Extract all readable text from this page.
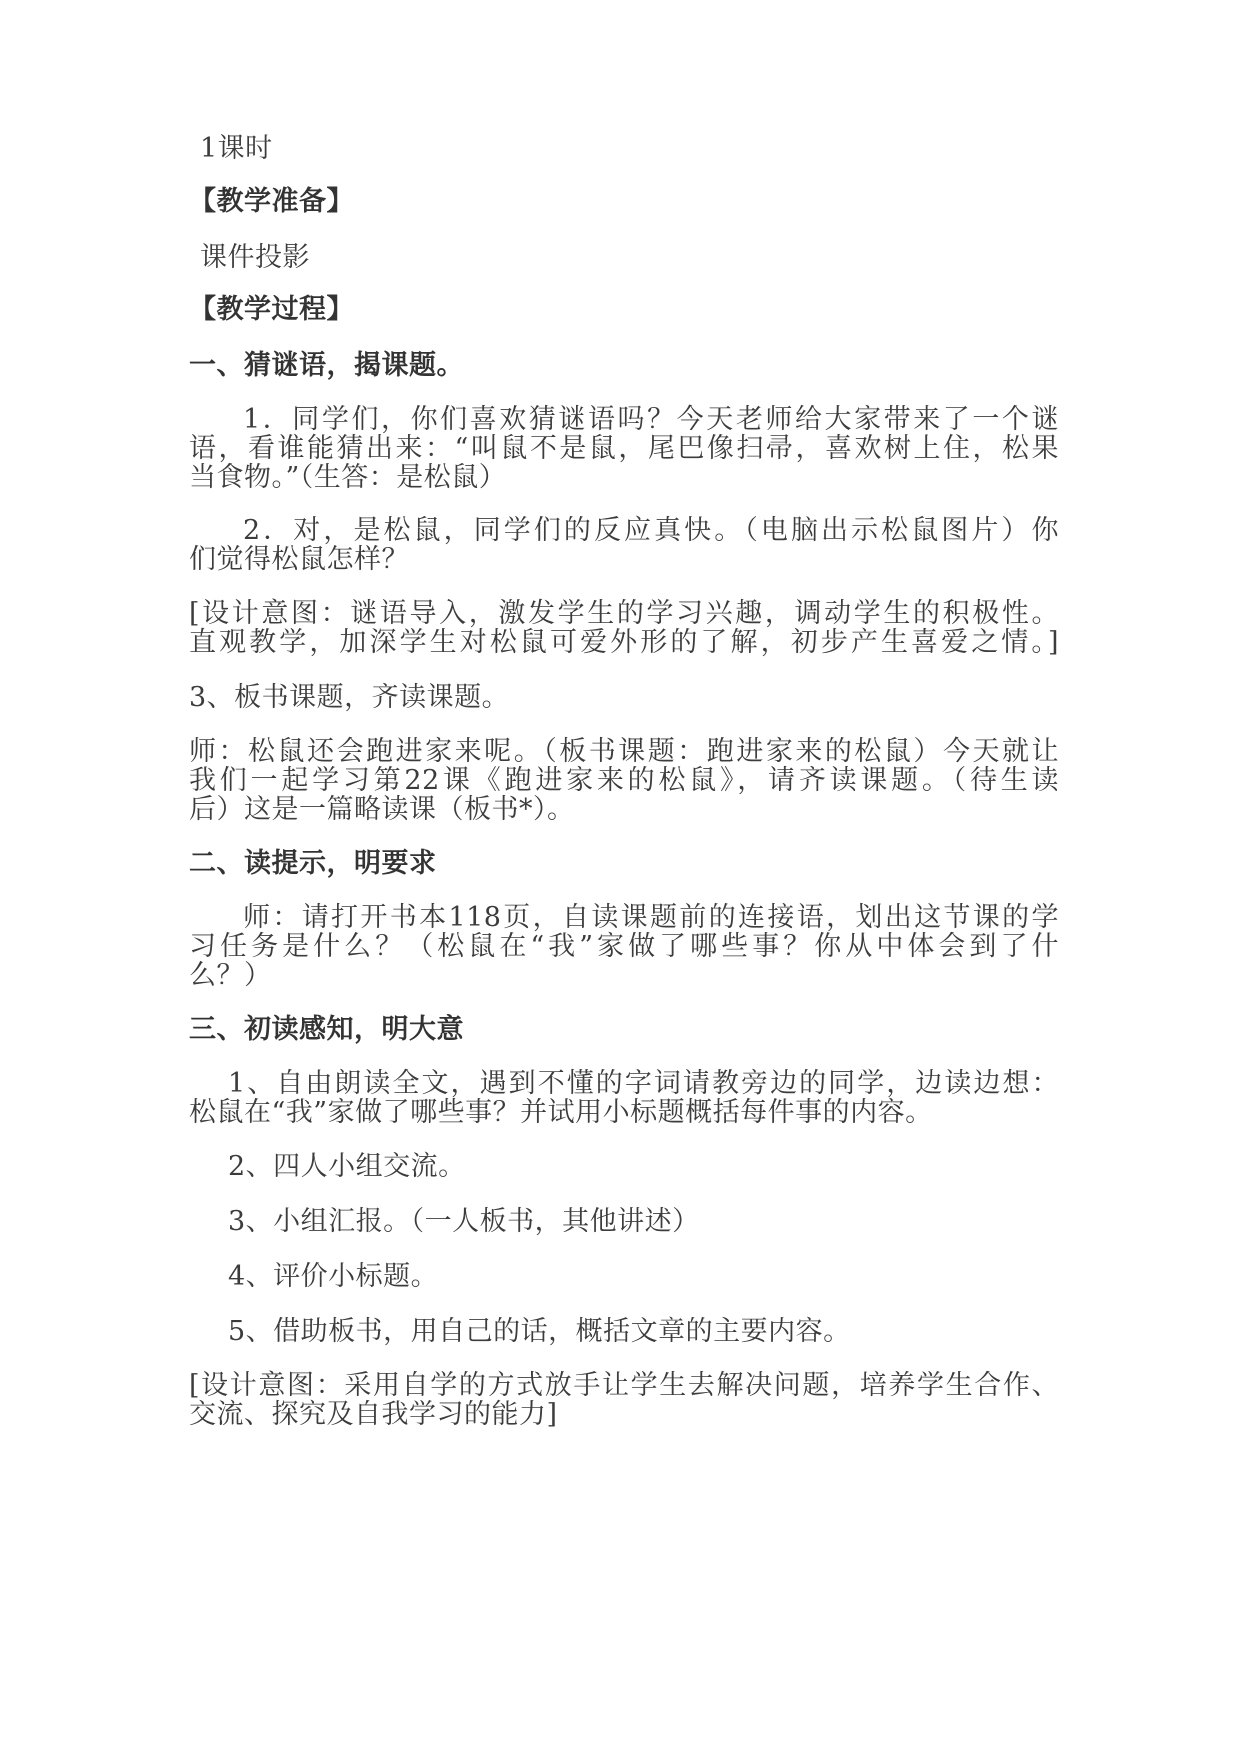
1课时
【教学准备】
课件投影
【教学过程】
一、猜谜语，揭课题。
1．同学们，你们喜欢猜谜语吗？今天老师给大家带来了一个谜
语，看谁能猜出来：“叫鼠不是鼠，尾巴像扫帚，喜欢树上住，松果
当食物。”（生答：是松鼠）
2．对，是松鼠，同学们的反应真快。（电脑出示松鼠图片）你
们觉得松鼠怎样？
[设计意图：谜语导入，激发学生的学习兴趣，调动学生的积极性。
直观教学，加深学生对松鼠可爱外形的了解，初步产生喜爱之情。]
3、板书课题，齐读课题。
师：松鼠还会跑进家来呢。（板书课题：跑进家来的松鼠）今天就让
我们一起学习第22课《跑进家来的松鼠》，请齐读课题。（待生读
后）这是一篇略读课（板书*）。
二、读提示，明要求
师：请打开书本118页，自读课题前的连接语，划出这节课的学
习任务是什么？（松鼠在“我”家做了哪些事？你从中体会到了什
么？）
三、初读感知，明大意
1、自由朗读全文，遇到不懂的字词请教旁边的同学，边读边想：
松鼠在“我”家做了哪些事？并试用小标题概括每件事的内容。
2、四人小组交流。
3、小组汇报。（一人板书，其他讲述）
4、评价小标题。
5、借助板书，用自己的话，概括文章的主要内容。
[设计意图：采用自学的方式放手让学生去解决问题，培养学生合作、
交流、探究及自我学习的能力]
